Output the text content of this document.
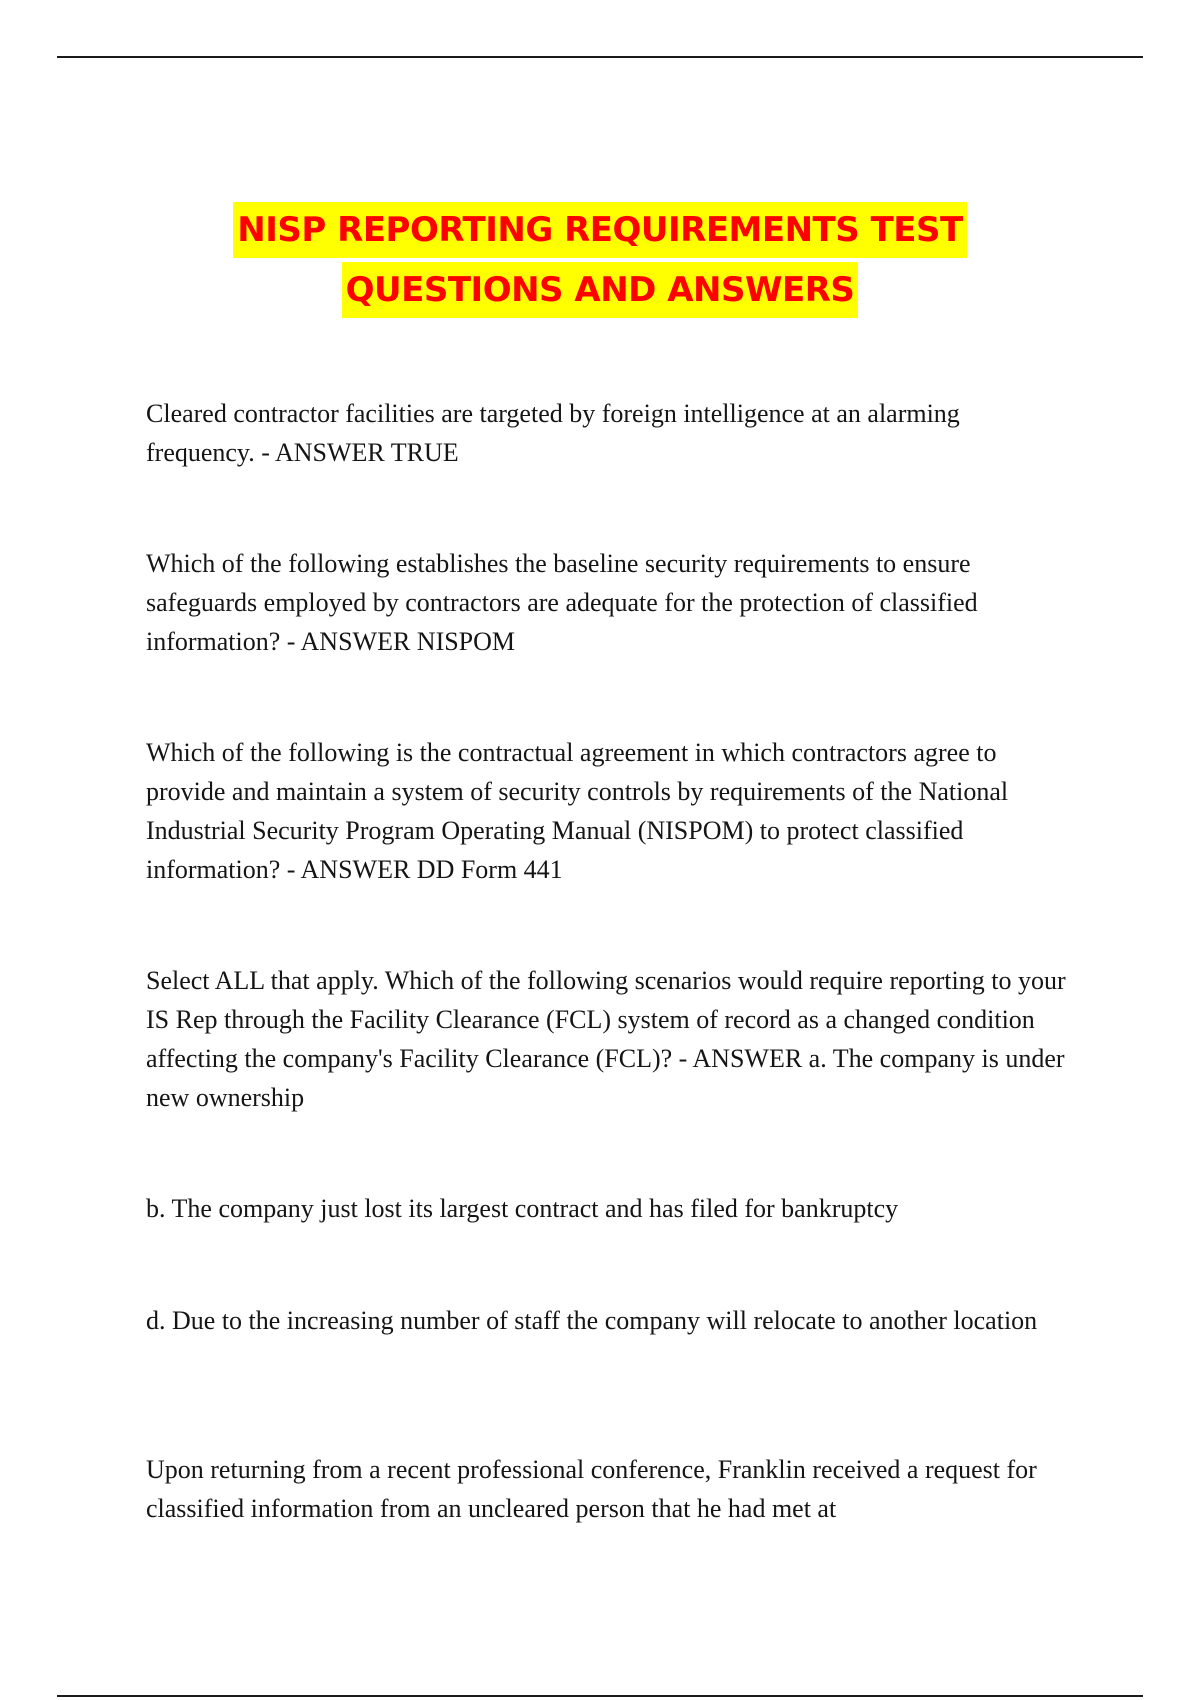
NISP REPORTING REQUIREMENTS TEST
QUESTIONS AND ANSWERS

Cleared contractor facilities are targeted by foreign intelligence at an alarming frequency. - ANSWER TRUE

Which of the following establishes the baseline security requirements to ensure safeguards employed by contractors are adequate for the protection of classified information? - ANSWER NISPOM

Which of the following is the contractual agreement in which contractors agree to provide and maintain a system of security controls by requirements of the National Industrial Security Program Operating Manual (NISPOM) to protect classified information? - ANSWER DD Form 441

Select ALL that apply. Which of the following scenarios would require reporting to your IS Rep through the Facility Clearance (FCL) system of record as a changed condition affecting the company's Facility Clearance (FCL)? - ANSWER a. The company is under new ownership

b. The company just lost its largest contract and has filed for bankruptcy

d. Due to the increasing number of staff the company will relocate to another location

Upon returning from a recent professional conference, Franklin received a request for classified information from an uncleared person that he had met at
